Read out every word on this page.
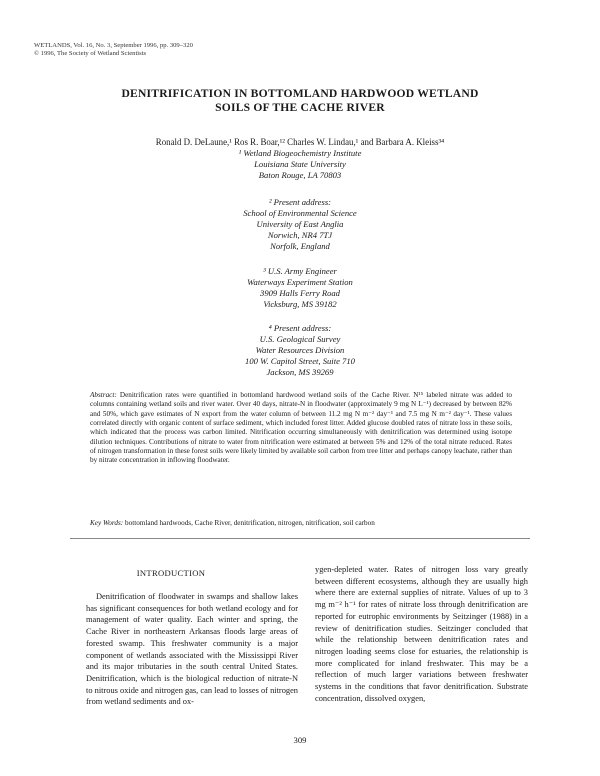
WETLANDS, Vol. 16, No. 3, September 1996, pp. 309–320
© 1996, The Society of Wetland Scientists
DENITRIFICATION IN BOTTOMLAND HARDWOOD WETLAND
SOILS OF THE CACHE RIVER
Ronald D. DeLaune,¹ Ros R. Boar,¹² Charles W. Lindau,¹ and Barbara A. Kleiss³⁴
¹ Wetland Biogeochemistry Institute
Louisiana State University
Baton Rouge, LA 70803
² Present address:
School of Environmental Science
University of East Anglia
Norwich, NR4 7TJ
Norfolk, England
³ U.S. Army Engineer
Waterways Experiment Station
3909 Halls Ferry Road
Vicksburg, MS 39182
⁴ Present address:
U.S. Geological Survey
Water Resources Division
100 W. Capitol Street, Suite 710
Jackson, MS 39269
Abstract: Denitrification rates were quantified in bottomland hardwood wetland soils of the Cache River. N¹⁵ labeled nitrate was added to columns containing wetland soils and river water. Over 40 days, nitrate-N in floodwater (approximately 9 mg N L⁻¹) decreased by between 82% and 50%, which gave estimates of N export from the water column of between 11.2 mg N m⁻² day⁻¹ and 7.5 mg N m⁻² day⁻¹. These values correlated directly with organic content of surface sediment, which included forest litter. Added glucose doubled rates of nitrate loss in these soils, which indicated that the process was carbon limited. Nitrification occurring simultaneously with denitrification was determined using isotope dilution techniques. Contributions of nitrate to water from nitrification were estimated at between 5% and 12% of the total nitrate reduced. Rates of nitrogen transformation in these forest soils were likely limited by available soil carbon from tree litter and perhaps canopy leachate, rather than by nitrate concentration in inflowing floodwater.
Key Words: bottomland hardwoods, Cache River, denitrification, nitrogen, nitrification, soil carbon
INTRODUCTION
Denitrification of floodwater in swamps and shallow lakes has significant consequences for both wetland ecology and for management of water quality. Each winter and spring, the Cache River in northeastern Arkansas floods large areas of forested swamp. This freshwater community is a major component of wetlands associated with the Mississippi River and its major tributaries in the south central United States. Denitrification, which is the biological reduction of nitrate-N to nitrous oxide and nitrogen gas, can lead to losses of nitrogen from wetland sediments and ox-
ygen-depleted water. Rates of nitrogen loss vary greatly between different ecosystems, although they are usually high where there are external supplies of nitrate. Values of up to 3 mg m⁻² h⁻¹ for rates of nitrate loss through denitrification are reported for eutrophic environments by Seitzinger (1988) in a review of denitrification studies. Seitzinger concluded that while the relationship between denitrification rates and nitrogen loading seems close for estuaries, the relationship is more complicated for inland freshwater. This may be a reflection of much larger variations between freshwater systems in the conditions that favor denitrification. Substrate concentration, dissolved oxygen,
309
